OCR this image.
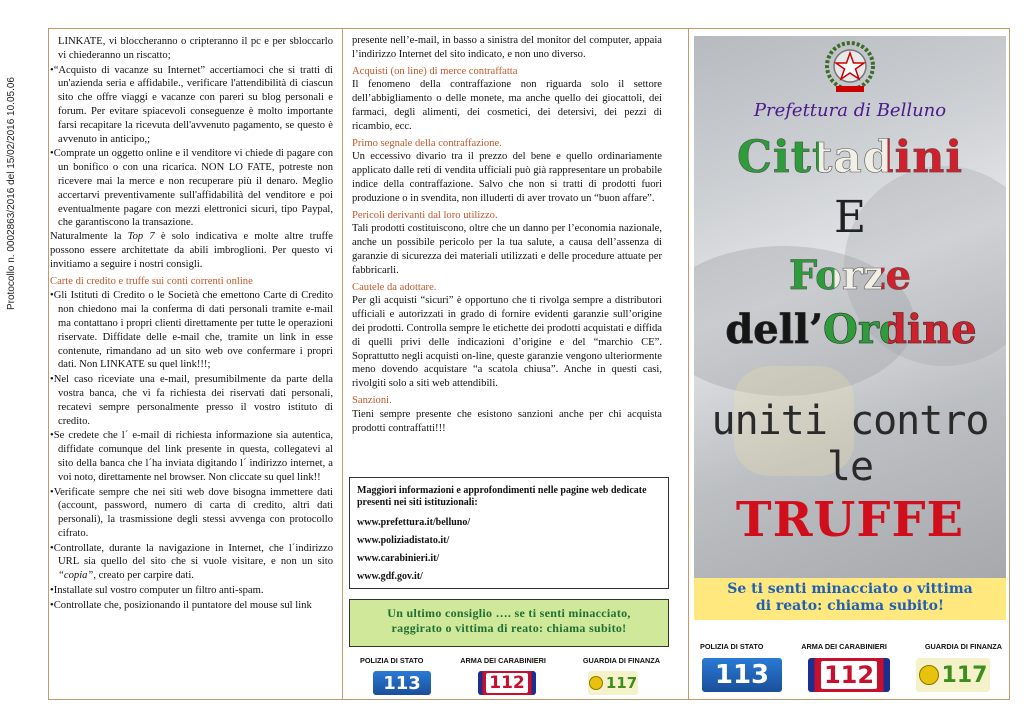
Protocollo n. 0002863/2016 del 15/02/2016 10.05.06

LINKATE, vi bloccheranno o cripteranno il pc e per sbloccarlo vi chiederanno un riscatto;

•“Acquisto di vacanze su Internet” accertiamoci che si tratti di un'azienda seria e affidabile., verificare l'attendibilità di ciascun sito che offre viaggi e vacanze con pareri su blog personali e forum. Per evitare spiacevoli conseguenze è molto importante farsi recapitare la ricevuta dell'avvenuto pagamento, se questo è avvenuto in anticipo,;

•Comprate un oggetto online e il venditore vi chiede di pagare con un bonifico o con una ricarica. NON LO FATE, potreste non ricevere mai la merce e non recuperare più il denaro. Meglio accertarvi preventivamente sull'affidabilità del venditore e poi eventualmente pagare con mezzi elettronici sicuri, tipo Paypal, che garantiscono la transazione.

Naturalmente la Top 7 è solo indicativa e molte altre truffe possono essere architettate da abili imbroglioni. Per questo vi invitiamo a seguire i nostri consigli.

Carte di credito e truffe sui conti correnti online

•Gli Istituti di Credito o le Società che emettono Carte di Credito non chiedono mai la conferma di dati personali tramite e-mail ma contattano i propri clienti direttamente per tutte le operazioni riservate. Diffidate delle e-mail che, tramite un link in esse contenute, rimandano ad un sito web ove confermare i propri dati. Non LINKATE su quel link!!!;

•Nel caso riceviate una e-mail, presumibilmente da parte della vostra banca, che vi fa richiesta dei riservati dati personali, recatevi sempre personalmente presso il vostro istituto di credito.

•Se credete che l´ e-mail di richiesta informazione sia autentica, diffidate comunque del link presente in questa, collegatevi al sito della banca che l´ha inviata digitando l´ indirizzo internet, a voi noto, direttamente nel browser. Non cliccate su quel link!!

•Verificate sempre che nei siti web dove bisogna immettere dati (account, password, numero di carta di credito, altri dati personali), la trasmissione degli stessi avvenga con protocollo cifrato.

•Controllate, durante la navigazione in Internet, che l´indirizzo URL sia quello del sito che si vuole visitare, e non un sito “copia”, creato per carpire dati.

•Installate sul vostro computer un filtro anti-spam.

•Controllate che, posizionando il puntatore del mouse sul link

presente nell’e-mail, in basso a sinistra del monitor del computer, appaia l’indirizzo Internet del sito indicato, e non uno diverso.

Acquisti (on line) di merce contraffatta

Il fenomeno della contraffazione non riguarda solo il settore dell’abbigliamento o delle monete, ma anche quello dei giocattoli, dei farmaci, degli alimenti, dei cosmetici, dei detersivi, dei pezzi di ricambio, ecc.

Primo segnale della contraffazione.

Un eccessivo divario tra il prezzo del bene e quello ordinariamente applicato dalle reti di vendita ufficiali può già rappresentare un probabile indice della contraffazione. Salvo che non si tratti di prodotti fuori produzione o in svendita, non illuderti di aver trovato un “buon affare”.

Pericoli derivanti dal loro utilizzo.

Tali prodotti costituiscono, oltre che un danno per l’economia nazionale, anche un possibile pericolo per la tua salute, a causa dell’assenza di garanzie di sicurezza dei materiali utilizzati e delle procedure attuate per fabbricarli.

Cautele da adottare.

Per gli acquisti “sicuri” è opportuno che ti rivolga sempre a distributori ufficiali e autorizzati in grado di fornire evidenti garanzie sull’origine dei prodotti. Controlla sempre le etichette dei prodotti acquistati e diffida di quelli privi delle indicazioni d’origine e del “marchio CE”. Soprattutto negli acquisti on-line, queste garanzie vengono ulteriormente meno dovendo acquistare “a scatola chiusa”. Anche in questi casi, rivolgiti solo a siti web attendibili.

Sanzioni.

Tieni sempre presente che esistono sanzioni anche per chi acquista prodotti contraffatti!!!

Maggiori informazioni e approfondimenti nelle pagine web dedicate presenti nei siti istituzionali:

www.prefettura.it/belluno/

www.poliziadistato.it/

www.carabinieri.it/

www.gdf.gov.it/

Un ultimo consiglio …. se ti senti minacciato,
raggirato o vittima di reato: chiama subito!
POLIZIA DI STATO	ARMA DEI CARABINIERI	GUARDIA DI FINANZA
113	112	117
Prefettura di Belluno
Cittadini
E
Forze
dell’Ordine
uniti contro le
TRUFFE
Se ti senti minacciato o vittima
di reato: chiama subito!
POLIZIA DI STATO	ARMA DEI CARABINIERI	GUARDIA DI FINANZA
113 112	117
